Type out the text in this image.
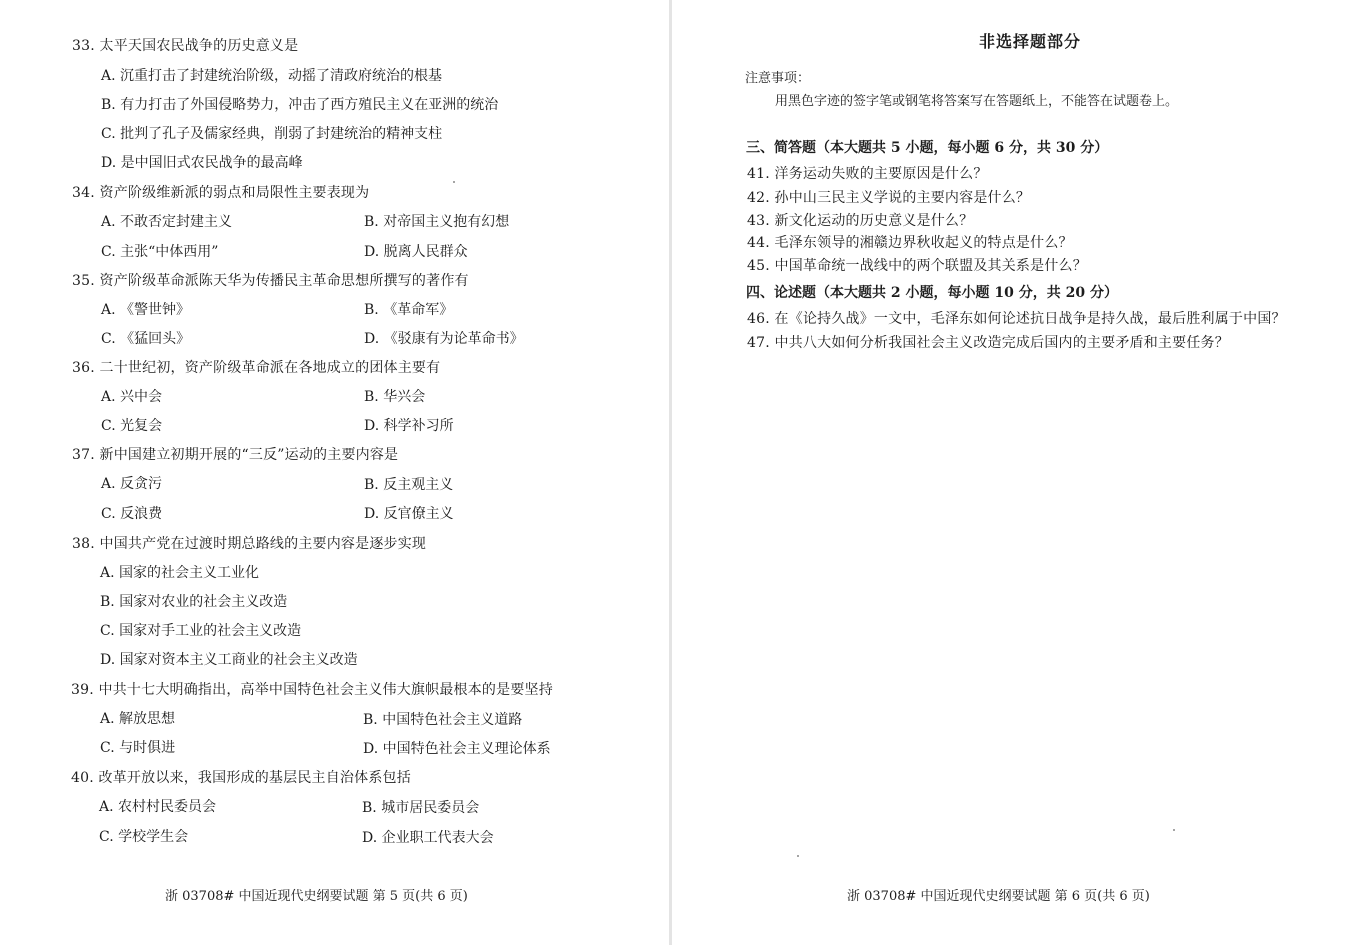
33. 太平天国农民战争的历史意义是
A. 沉重打击了封建统治阶级，动摇了清政府统治的根基
B. 有力打击了外国侵略势力，冲击了西方殖民主义在亚洲的统治
C. 批判了孔子及儒家经典，削弱了封建统治的精神支柱
D. 是中国旧式农民战争的最高峰
34. 资产阶级维新派的弱点和局限性主要表现为
A. 不敢否定封建主义	B. 对帝国主义抱有幻想
C. 主张“中体西用”	D. 脱离人民群众
35. 资产阶级革命派陈天华为传播民主革命思想所撰写的著作有
A. 《警世钟》	B. 《革命军》
C. 《猛回头》	D. 《驳康有为论革命书》
36. 二十世纪初，资产阶级革命派在各地成立的团体主要有
A. 兴中会	B. 华兴会
C. 光复会	D. 科学补习所
37. 新中国建立初期开展的“三反”运动的主要内容是
A. 反贪污	B. 反主观主义
C. 反浪费	D. 反官僚主义
38. 中国共产党在过渡时期总路线的主要内容是逐步实现
A. 国家的社会主义工业化
B. 国家对农业的社会主义改造
C. 国家对手工业的社会主义改造
D. 国家对资本主义工商业的社会主义改造
39. 中共十七大明确指出，高举中国特色社会主义伟大旗帜最根本的是要坚持
A. 解放思想	B. 中国特色社会主义道路
C. 与时俱进	D. 中国特色社会主义理论体系
40. 改革开放以来，我国形成的基层民主自治体系包括
A. 农村村民委员会	B. 城市居民委员会
C. 学校学生会	D. 企业职工代表大会
浙 03708# 中国近现代史纲要试题 第 5 页(共 6 页)
非选择题部分
注意事项：
用黑色字迹的签字笔或钢笔将答案写在答题纸上，不能答在试题卷上。
三、简答题（本大题共 5 小题，每小题 6 分，共 30 分）
41. 洋务运动失败的主要原因是什么？
42. 孙中山三民主义学说的主要内容是什么？
43. 新文化运动的历史意义是什么？
44. 毛泽东领导的湘赣边界秋收起义的特点是什么？
45. 中国革命统一战线中的两个联盟及其关系是什么？
四、论述题（本大题共 2 小题，每小题 10 分，共 20 分）
46. 在《论持久战》一文中，毛泽东如何论述抗日战争是持久战，最后胜利属于中国？
47. 中共八大如何分析我国社会主义改造完成后国内的主要矛盾和主要任务？
浙 03708# 中国近现代史纲要试题 第 6 页(共 6 页)
